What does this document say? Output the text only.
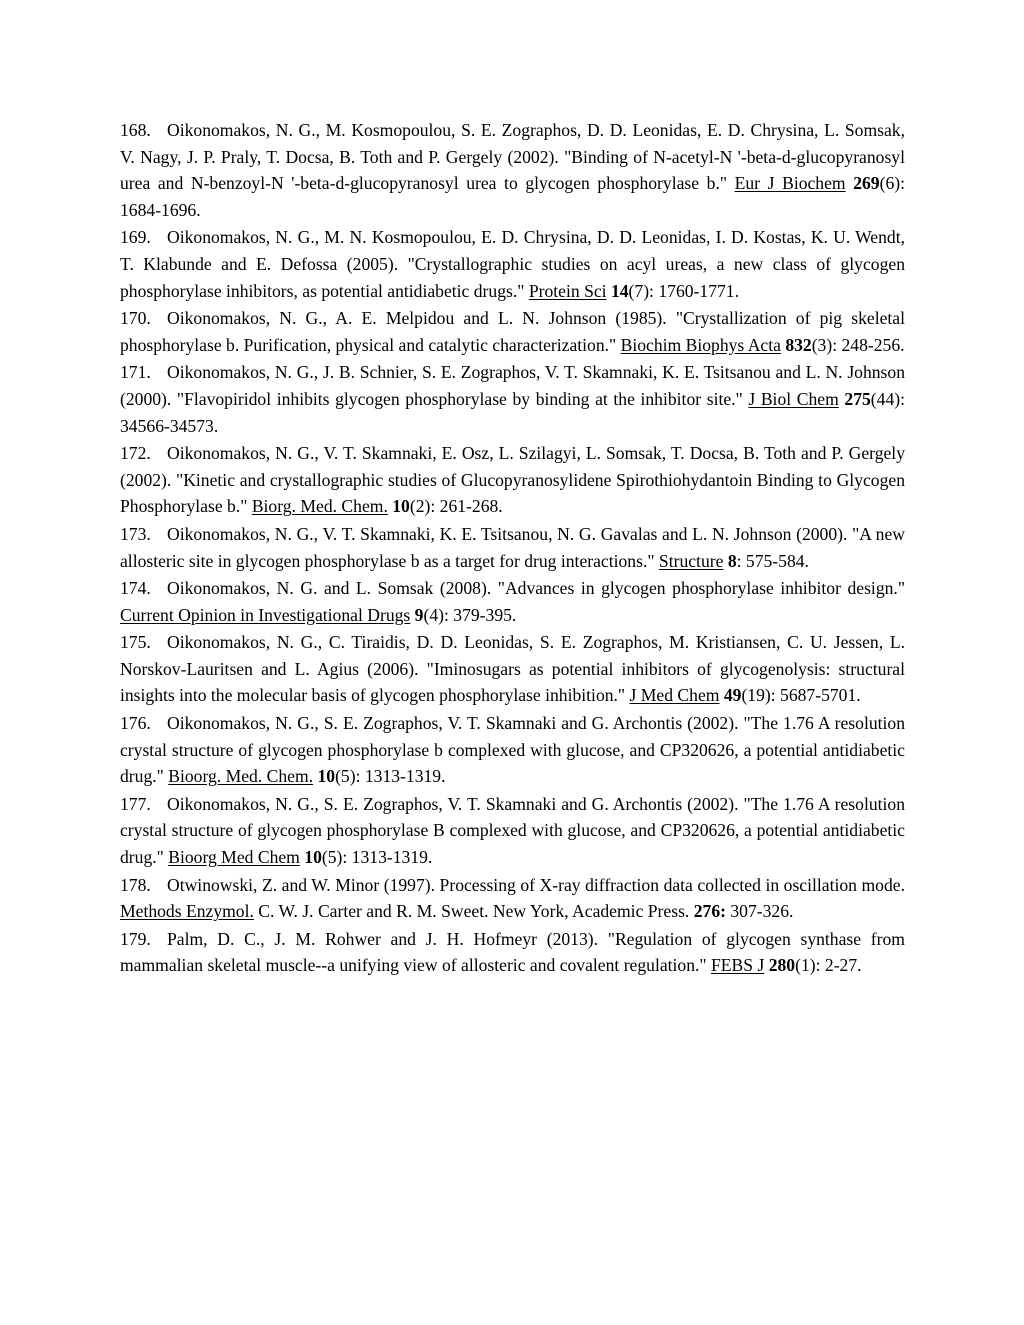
168. Oikonomakos, N. G., M. Kosmopoulou, S. E. Zographos, D. D. Leonidas, E. D. Chrysina, L. Somsak, V. Nagy, J. P. Praly, T. Docsa, B. Toth and P. Gergely (2002). "Binding of N-acetyl-N '-beta-d-glucopyranosyl urea and N-benzoyl-N '-beta-d-glucopyranosyl urea to glycogen phosphorylase b." Eur J Biochem 269(6): 1684-1696.

169. Oikonomakos, N. G., M. N. Kosmopoulou, E. D. Chrysina, D. D. Leonidas, I. D. Kostas, K. U. Wendt, T. Klabunde and E. Defossa (2005). "Crystallographic studies on acyl ureas, a new class of glycogen phosphorylase inhibitors, as potential antidiabetic drugs." Protein Sci 14(7): 1760-1771.

170. Oikonomakos, N. G., A. E. Melpidou and L. N. Johnson (1985). "Crystallization of pig skeletal phosphorylase b. Purification, physical and catalytic characterization." Biochim Biophys Acta 832(3): 248-256.

171. Oikonomakos, N. G., J. B. Schnier, S. E. Zographos, V. T. Skamnaki, K. E. Tsitsanou and L. N. Johnson (2000). "Flavopiridol inhibits glycogen phosphorylase by binding at the inhibitor site." J Biol Chem 275(44): 34566-34573.

172. Oikonomakos, N. G., V. T. Skamnaki, E. Osz, L. Szilagyi, L. Somsak, T. Docsa, B. Toth and P. Gergely (2002). "Kinetic and crystallographic studies of Glucopyranosylidene Spirothiohydantoin Binding to Glycogen Phosphorylase b." Biorg. Med. Chem. 10(2): 261-268.

173. Oikonomakos, N. G., V. T. Skamnaki, K. E. Tsitsanou, N. G. Gavalas and L. N. Johnson (2000). "A new allosteric site in glycogen phosphorylase b as a target for drug interactions." Structure 8: 575-584.

174. Oikonomakos, N. G. and L. Somsak (2008). "Advances in glycogen phosphorylase inhibitor design." Current Opinion in Investigational Drugs 9(4): 379-395.

175. Oikonomakos, N. G., C. Tiraidis, D. D. Leonidas, S. E. Zographos, M. Kristiansen, C. U. Jessen, L. Norskov-Lauritsen and L. Agius (2006). "Iminosugars as potential inhibitors of glycogenolysis: structural insights into the molecular basis of glycogen phosphorylase inhibition." J Med Chem 49(19): 5687-5701.

176. Oikonomakos, N. G., S. E. Zographos, V. T. Skamnaki and G. Archontis (2002). "The 1.76 A resolution crystal structure of glycogen phosphorylase b complexed with glucose, and CP320626, a potential antidiabetic drug." Bioorg. Med. Chem. 10(5): 1313-1319.

177. Oikonomakos, N. G., S. E. Zographos, V. T. Skamnaki and G. Archontis (2002). "The 1.76 A resolution crystal structure of glycogen phosphorylase B complexed with glucose, and CP320626, a potential antidiabetic drug." Bioorg Med Chem 10(5): 1313-1319.

178. Otwinowski, Z. and W. Minor (1997). Processing of X-ray diffraction data collected in oscillation mode. Methods Enzymol. C. W. J. Carter and R. M. Sweet. New York, Academic Press. 276: 307-326.

179. Palm, D. C., J. M. Rohwer and J. H. Hofmeyr (2013). "Regulation of glycogen synthase from mammalian skeletal muscle--a unifying view of allosteric and covalent regulation." FEBS J 280(1): 2-27.
